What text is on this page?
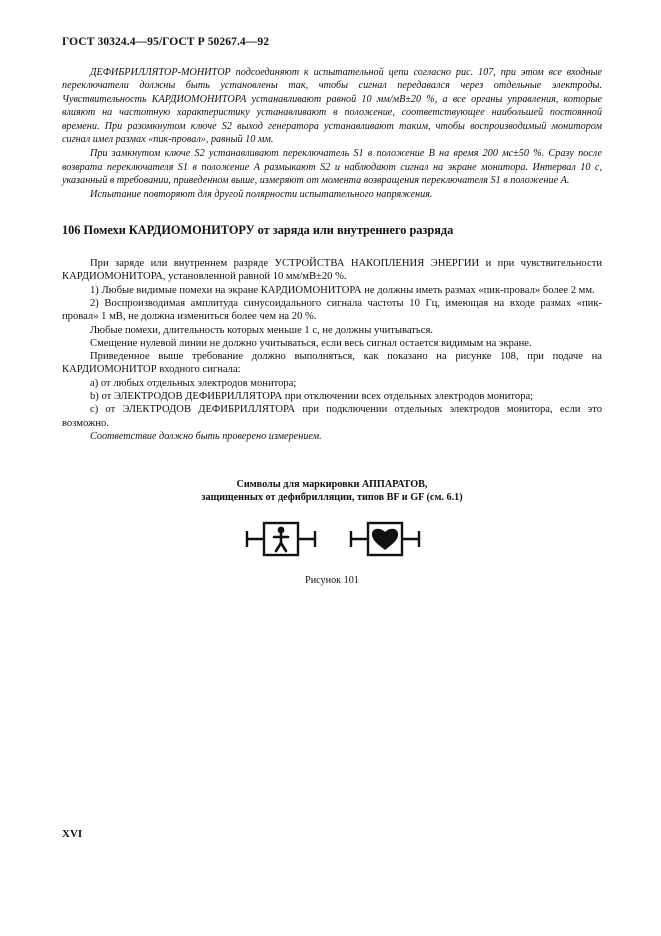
ГОСТ 30324.4—95/ГОСТ Р 50267.4—92

ДЕФИБРИЛЛЯТОР-МОНИТОР подсоединяют к испытательной цепи согласно рис. 107, при этом все входные переключатели должны быть установлены так, чтобы сигнал передавался через отдельные электроды. Чувствительность КАРДИОМОНИТОРА устанавливают равной 10 мм/мВ±20 %, а все органы управления, которые влияют на частотную характеристику устанавливают в положение, соответствующее наибольшей постоянной времени. При разомкнутом ключе S2 выход генератора устанавливают таким, чтобы воспроизводимый монитором сигнал имел размах «пик-провал», равный 10 мм.

При замкнутом ключе S2 устанавливают переключатель S1 в положение B на время 200 мс±50 %. Сразу после возврата переключателя S1 в положение A размыкают S2 и наблюдают сигнал на экране монитора. Интервал 10 с, указанный в требовании, приведенном выше, измеряют от момента возвращения переключателя S1 в положение A.

Испытание повторяют для другой полярности испытательного напряжения.

106 Помехи КАРДИОМОНИТОРУ от заряда или внутреннего разряда

При заряде или внутреннем разряде УСТРОЙСТВА НАКОПЛЕНИЯ ЭНЕРГИИ и при чувствительности КАРДИОМОНИТОРА, установленной равной 10 мм/мВ±20 %.

1) Любые видимые помехи на экране КАРДИОМОНИТОРА не должны иметь размах «пик-провал» более 2 мм.

2) Воспроизводимая амплитуда синусоидального сигнала частоты 10 Гц, имеющая на входе размах «пик-провал» 1 мВ, не должна измениться более чем на 20 %.

Любые помехи, длительность которых меньше 1 с, не должны учитываться.

Смещение нулевой линии не должно учитываться, если весь сигнал остается видимым на экране.

Приведенное выше требование должно выполняться, как показано на рисунке 108, при подаче на КАРДИОМОНИТОР входного сигнала:

a) от любых отдельных электродов монитора;

b) от ЭЛЕКТРОДОВ ДЕФИБРИЛЛЯТОРА при отключении всех отдельных электродов монитора;

c) от ЭЛЕКТРОДОВ ДЕФИБРИЛЛЯТОРА при подключении отдельных электродов монитора, если это возможно.

Соответствие должно быть проверено измерением.

Символы для маркировки АППАРАТОВ,
защищенных от дефибрилляции, типов BF и GF (см. 6.1)
Рисунок 101
XVI
